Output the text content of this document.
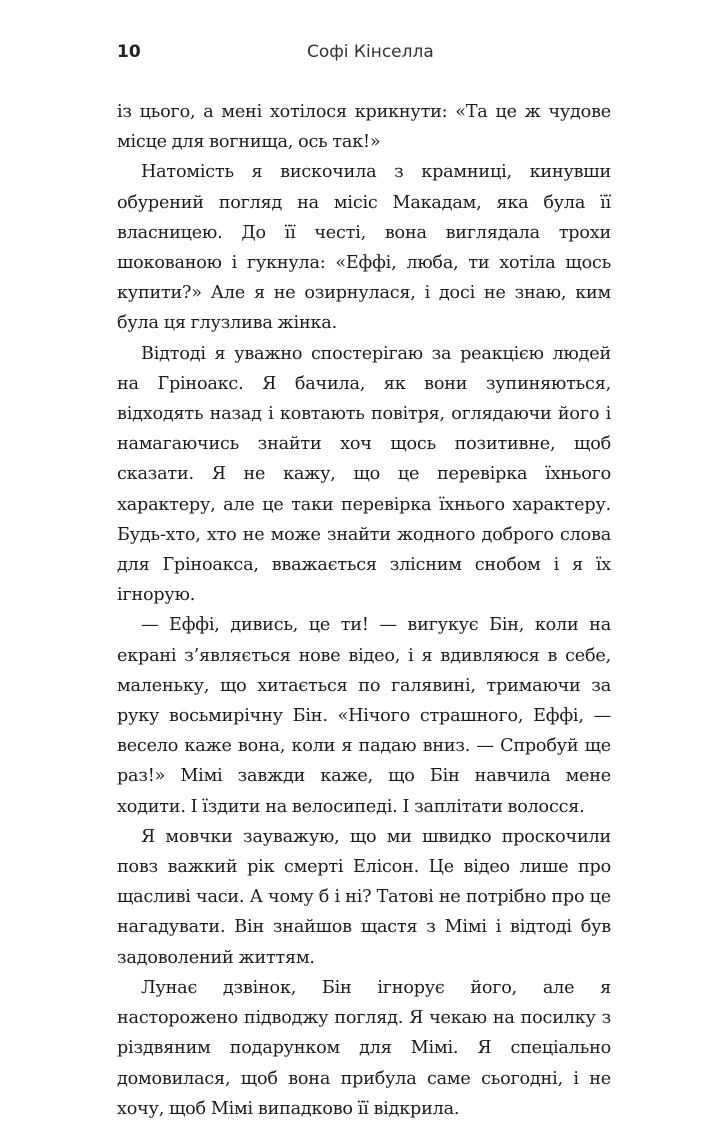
10	Софі Кінселла

із цього, а мені хотілося крикнути: «Та це ж чудове місце для вогнища, ось так!»

Натомість я вискочила з крамниці, кинувши обурений погляд на місіс Макадам, яка була її власницею. До її честі, вона виглядала трохи шокованою і гукнула: «Еффі, люба, ти хотіла щось купити?» Але я не озирнулася, і досі не знаю, ким була ця глузлива жінка.

Відтоді я уважно спостерігаю за реакцією людей на Гріноакс. Я бачила, як вони зупиняються, відходять назад і ковтають повітря, оглядаючи його і намагаючись знайти хоч щось позитивне, щоб сказати. Я не кажу, що це перевірка їхнього характеру, але це таки перевірка їхнього характеру. Будь-хто, хто не може знайти жодного доброго слова для Гріноакса, вважається злісним снобом і я їх ігнорую.

— Еффі, дивись, це ти! — вигукує Бін, коли на екрані з’являється нове відео, і я вдивляюся в себе, маленьку, що хитається по галявині, тримаючи за руку восьмирічну Бін. «Нічого страшного, Еффі, — весело каже вона, коли я падаю вниз. — Спробуй ще раз!» Мімі завжди каже, що Бін навчила мене ходити. І їздити на велосипеді. І заплітати волосся.

Я мовчки зауважую, що ми швидко проскочили повз важкий рік смерті Елісон. Це відео лише про щасливі часи. А чому б і ні? Татові не потрібно про це нагадувати. Він знайшов щастя з Мімі і відтоді був задоволений життям.

Лунає дзвінок, Бін ігнорує його, але я насторожено підводжу погляд. Я чекаю на посилку з різдвяним подарунком для Мімі. Я спеціально домовилася, щоб вона прибула саме сьогодні, і не хочу, щоб Мімі випадково її відкрила.
